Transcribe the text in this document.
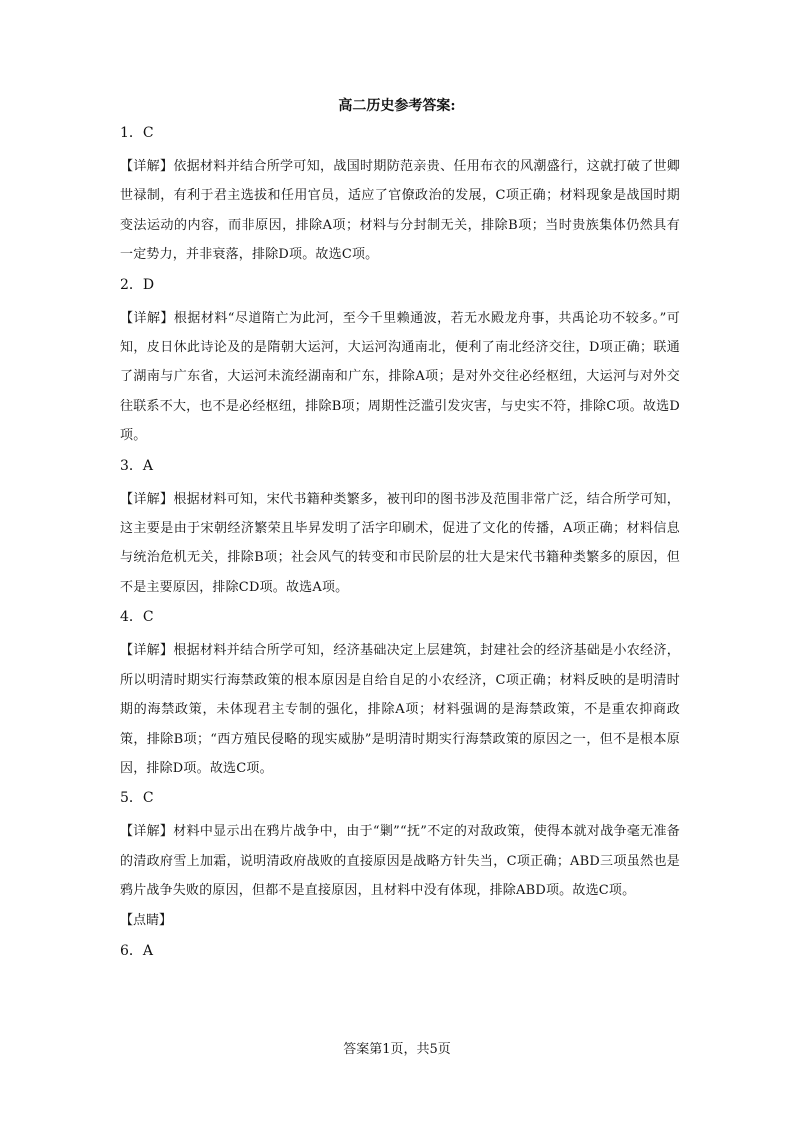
高二历史参考答案:
1．C
【详解】依据材料并结合所学可知，战国时期防范亲贵、任用布衣的风潮盛行，这就打破了世卿世禄制，有利于君主选拔和任用官员，适应了官僚政治的发展，C项正确；材料现象是战国时期变法运动的内容，而非原因，排除A项；材料与分封制无关，排除B项；当时贵族集体仍然具有一定势力，并非衰落，排除D项。故选C项。
2．D
【详解】根据材料“尽道隋亡为此河，至今千里赖通波，若无水殿龙舟事，共禹论功不较多。”可知，皮日休此诗论及的是隋朝大运河，大运河沟通南北，便利了南北经济交往，D项正确；联通了湖南与广东省，大运河未流经湖南和广东，排除A项；是对外交往必经枢纽，大运河与对外交往联系不大，也不是必经枢纽，排除B项；周期性泛滥引发灾害，与史实不符，排除C项。故选D项。
3．A
【详解】根据材料可知，宋代书籍种类繁多，被刊印的图书涉及范围非常广泛，结合所学可知，这主要是由于宋朝经济繁荣且毕昇发明了活字印刷术，促进了文化的传播，A项正确；材料信息与统治危机无关，排除B项；社会风气的转变和市民阶层的壮大是宋代书籍种类繁多的原因，但不是主要原因，排除CD项。故选A项。
4．C
【详解】根据材料并结合所学可知，经济基础决定上层建筑，封建社会的经济基础是小农经济，所以明清时期实行海禁政策的根本原因是自给自足的小农经济，C项正确；材料反映的是明清时期的海禁政策，未体现君主专制的强化，排除A项；材料强调的是海禁政策，不是重农抑商政策，排除B项；“西方殖民侵略的现实威胁”是明清时期实行海禁政策的原因之一，但不是根本原因，排除D项。故选C项。
5．C
【详解】材料中显示出在鸦片战争中，由于“剿”“抚”不定的对敌政策，使得本就对战争毫无准备的清政府雪上加霜，说明清政府战败的直接原因是战略方针失当，C项正确；ABD三项虽然也是鸦片战争失败的原因，但都不是直接原因，且材料中没有体现，排除ABD项。故选C项。
【点睛】
6．A
答案第1页，共5页
